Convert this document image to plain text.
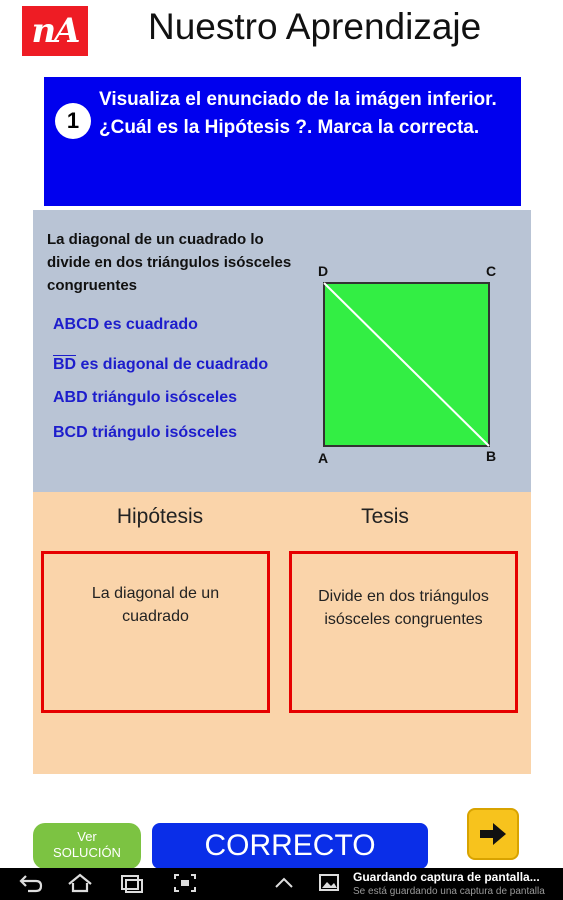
nA Nuestro Aprendizaje
1
Visualiza el enunciado de la imágen inferior.¿Cuál es la Hipótesis ?. Marca la correcta.
La diagonal de un cuadrado lo divide en dos triángulos isósceles congruentes
ABCD es cuadrado
BD es diagonal de cuadrado
ABD triángulo isósceles
BCD triángulo isósceles
D	C
A	B
Hipótesis	Tesis
La diagonal de un cuadrado
Divide en dos triángulos isósceles congruentes
Ver
SOLUCIÓN	CORRECTO
Guardando captura de pantalla...
Se está guardando una captura de pantalla
